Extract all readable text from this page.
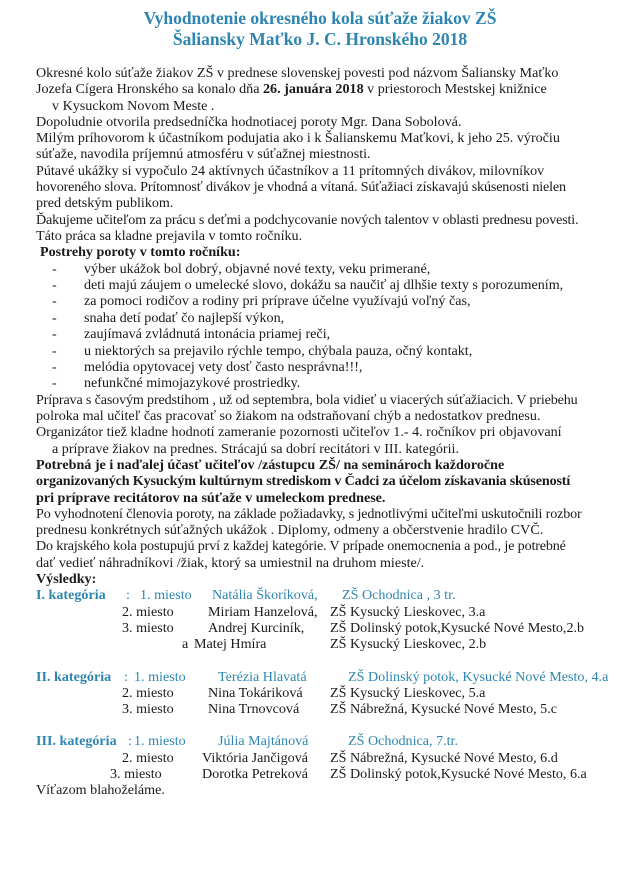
Vyhodnotenie okresného kola súťaže žiakov ZŠ
Šaliansky Maťko J. C. Hronského 2018

Okresné kolo súťaže žiakov ZŠ v prednese slovenskej povesti pod názvom Šaliansky Maťko

Jozefa Cígera Hronského sa konalo dňa 26. januára 2018 v priestoroch Mestskej knižnice

v Kysuckom Novom Meste .

Dopoludnie otvorila predsedníčka hodnotiacej poroty Mgr. Dana Sobolová.

Milým príhovorom k účastníkom podujatia ako i k Šalianskemu Maťkovi, k jeho 25. výročiu

súťaže, navodila príjemnú atmosféru v súťažnej miestnosti.

Pútavé ukážky si vypočulo 24 aktívnych účastníkov a 11 prítomných divákov, milovníkov

hovoreného slova. Prítomnosť divákov je vhodná a vítaná. Súťažiaci získavajú skúsenosti nielen

pred detským publikom.

Ďakujeme učiteľom za prácu s deťmi a podchycovanie nových talentov v oblasti prednesu povesti.

Táto práca sa kladne prejavila v tomto ročníku.

Postrehy poroty v tomto ročníku:

- výber ukážok bol dobrý, objavné nové texty, veku primerané,
- deti majú záujem o umelecké slovo, dokážu sa naučiť aj dlhšie texty s porozumením,
- za pomoci rodičov a rodiny pri príprave účelne využívajú voľný čas,
- snaha detí podať čo najlepší výkon,
- zaujímavá zvládnutá intonácia priamej reči,
- u niektorých sa prejavilo rýchle tempo, chýbala pauza, očný kontakt,
- melódia opytovacej vety dosť často nesprávna!!!,
- nefunkčné mimojazykové prostriedky.

Príprava s časovým predstihom , už od septembra, bola vidieť u viacerých súťažiacich. V priebehu

polroka mal učiteľ čas pracovať so žiakom na odstraňovaní chýb a nedostatkov prednesu.

Organizátor tiež kladne hodnotí zameranie pozornosti učiteľov 1.- 4. ročníkov pri objavovaní

a príprave žiakov na prednes. Strácajú sa dobrí recitátori v III. kategórii.

Potrebná je i naďalej účasť učiteľov /zástupcu ZŠ/ na seminároch každoročne

organizovaných Kysuckým kultúrnym strediskom v Čadci za účelom získavania skúseností

pri príprave recitátorov na súťaže v umeleckom prednese.

Po vyhodnotení členovia poroty, na základe požiadavky, s jednotlivými učiteľmi uskutočnili rozbor

prednesu konkrétnych súťažných ukážok . Diplomy, odmeny a občerstvenie hradilo CVČ.

Do krajského kola postupujú prví z každej kategórie. V prípade onemocnenia a pod., je potrebné

dať vedieť náhradníkovi /žiak, ktorý sa umiestnil na druhom mieste/.

Výsledky:

I. kategória : 1. miesto Natália Škoríková, ZŠ Ochodnica , 3 tr.
2. miesto Miriam Hanzelová, ZŠ Kysucký Lieskovec, 3.a
3. miesto Andrej Kurciník, ZŠ Dolinský potok,Kysucké Nové Mesto,2.b
a Matej Hmíra	ZŠ Kysucký Lieskovec, 2.b
II. kategória : 1. miesto Terézia Hlavatá	ZŠ Dolinský potok, Kysucké Nové Mesto, 4.a
2. miesto Nina Tokáriková ZŠ Kysucký Lieskovec, 5.a
3. miesto Nina Trnovcová ZŠ Nábrežná, Kysucké Nové Mesto, 5.c
III. kategória : 1. miesto Júlia Majtánová	ZŠ Ochodnica, 7.tr.
2. miesto Viktória Jančigová ZŠ Nábrežná, Kysucké Nové Mesto, 6.d
3. miesto	Dorotka Petreková ZŠ Dolinský potok,Kysucké Nové Mesto, 6.a

Víťazom blahoželáme.
